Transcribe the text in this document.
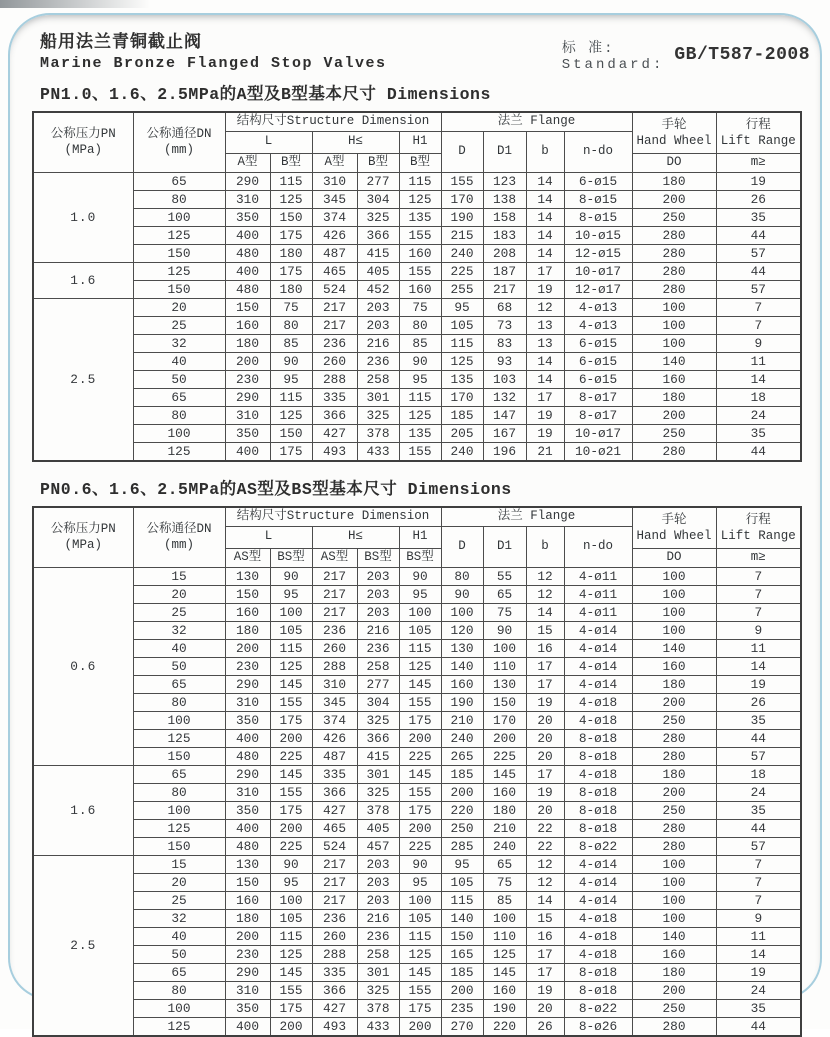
船用法兰青铜截止阀
Marine Bronze Flanged Stop Valves
标 准:
Standard: GB/T587-2008
PN1.0、1.6、2.5MPa的A型及B型基本尺寸 Dimensions
公称压力PN
(MPa)

公称通径DN
(mm)
	结构尺寸Structure Dimension	法兰 Flange	手轮
Hand Wheel

行程
Lift Range

		L		H≤		H1	D	D1	b	n-do		
		A型	B型	A型	B型	B型					DO	m≥
1.0	65	290	115	310	277	115	155	123	14	6-ø15	180	19
	80	310	125	345	304	125	170	138	14	8-ø15	200	26
	100	350	150	374	325	135	190	158	14	8-ø15	250	35
	125	400	175	426	366	155	215	183	14	10-ø15	280	44
	150	480	180	487	415	160	240	208	14	12-ø15	280	57
1.6	125	400	175	465	405	155	225	187	17	10-ø17	280	44
	150	480	180	524	452	160	255	217	19	12-ø17	280	57
2.5	20	150	75	217	203	75	95	68	12	4-ø13	100	7
	25	160	80	217	203	80	105	73	13	4-ø13	100	7
	32	180	85	236	216	85	115	83	13	6-ø15	100	9
	40	200	90	260	236	90	125	93	14	6-ø15	140	11
	50	230	95	288	258	95	135	103	14	6-ø15	160	14
	65	290	115	335	301	115	170	132	17	8-ø17	180	18
	80	310	125	366	325	125	185	147	19	8-ø17	200	24
	100	350	150	427	378	135	205	167	19	10-ø17	250	35
	125	400	175	493	433	155	240	196	21	10-ø21	280	44
PN0.6、1.6、2.5MPa的AS型及BS型基本尺寸 Dimensions
公称压力PN
(MPa)

公称通径DN
(mm)
	结构尺寸Structure Dimension	法兰 Flange	手轮
Hand Wheel

行程
Lift Range

		L		H≤		H1	D	D1	b	n-do		
		AS型	BS型	AS型	BS型	BS型					DO	m≥
0.6	15	130	90	217	203	90	80	55	12	4-ø11	100	7
	20	150	95	217	203	95	90	65	12	4-ø11	100	7
	25	160	100	217	203	100	100	75	14	4-ø11	100	7
	32	180	105	236	216	105	120	90	15	4-ø14	100	9
	40	200	115	260	236	115	130	100	16	4-ø14	140	11
	50	230	125	288	258	125	140	110	17	4-ø14	160	14
	65	290	145	310	277	145	160	130	17	4-ø14	180	19
	80	310	155	345	304	155	190	150	19	4-ø18	200	26
	100	350	175	374	325	175	210	170	20	4-ø18	250	35
	125	400	200	426	366	200	240	200	20	8-ø18	280	44
	150	480	225	487	415	225	265	225	20	8-ø18	280	57
1.6	65	290	145	335	301	145	185	145	17	4-ø18	180	18
	80	310	155	366	325	155	200	160	19	8-ø18	200	24
	100	350	175	427	378	175	220	180	20	8-ø18	250	35
	125	400	200	465	405	200	250	210	22	8-ø18	280	44
	150	480	225	524	457	225	285	240	22	8-ø22	280	57
2.5	15	130	90	217	203	90	95	65	12	4-ø14	100	7
	20	150	95	217	203	95	105	75	12	4-ø14	100	7
	25	160	100	217	203	100	115	85	14	4-ø14	100	7
	32	180	105	236	216	105	140	100	15	4-ø18	100	9
	40	200	115	260	236	115	150	110	16	4-ø18	140	11
	50	230	125	288	258	125	165	125	17	4-ø18	160	14
	65	290	145	335	301	145	185	145	17	8-ø18	180	19
	80	310	155	366	325	155	200	160	19	8-ø18	200	24
	100	350	175	427	378	175	235	190	20	8-ø22	250	35
	125	400	200	493	433	200	270	220	26	8-ø26	280	44
